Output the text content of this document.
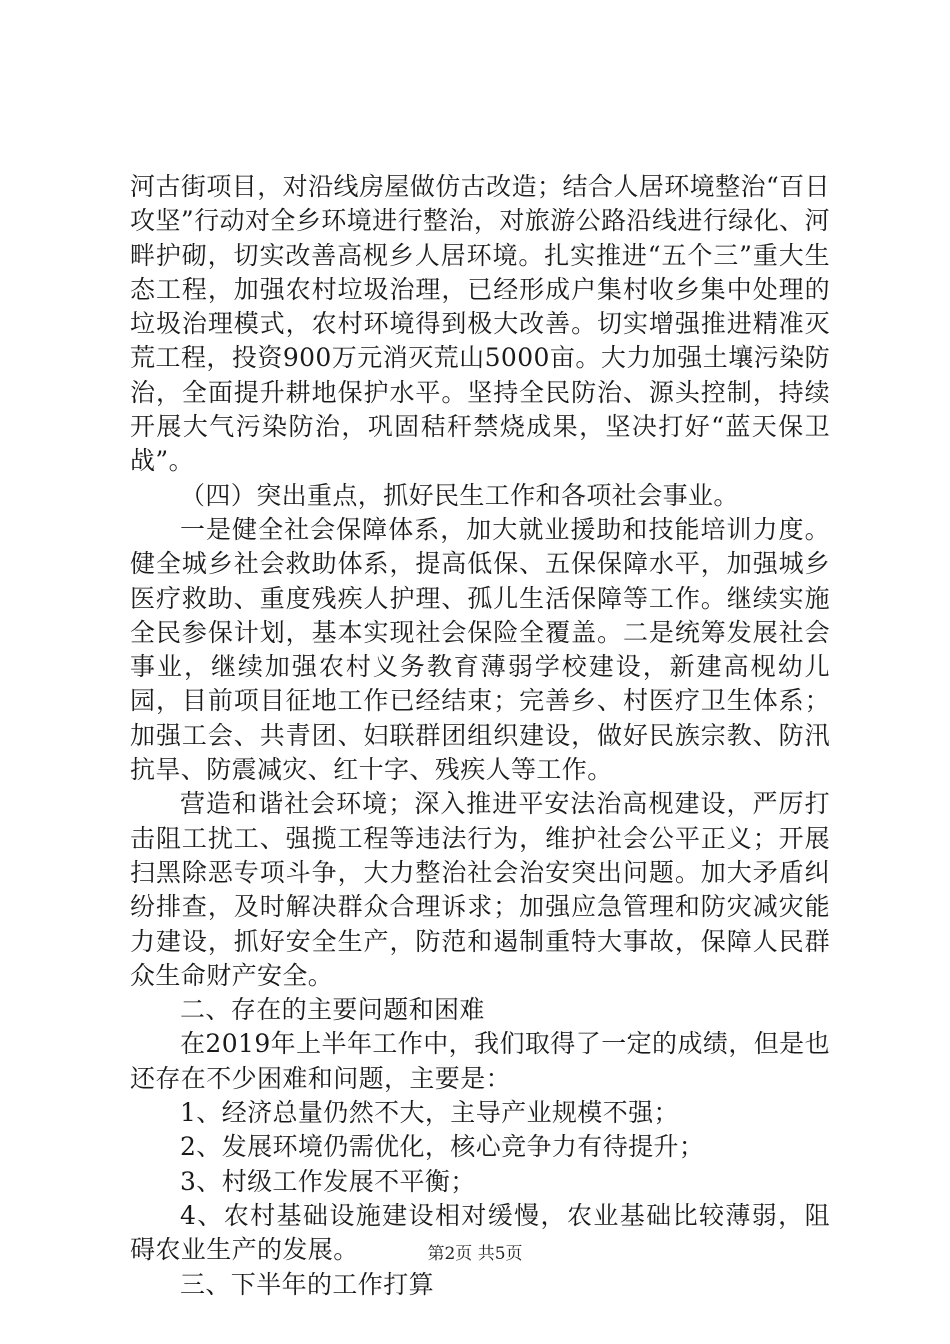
河古街项目，对沿线房屋做仿古改造；结合人居环境整治“百日攻坚”行动对全乡环境进行整治，对旅游公路沿线进行绿化、河畔护砌，切实改善高枧乡人居环境。扎实推进“五个三”重大生态工程，加强农村垃圾治理，已经形成户集村收乡集中处理的垃圾治理模式，农村环境得到极大改善。切实增强推进精准灭荒工程，投资900万元消灭荒山5000亩。大力加强土壤污染防治，全面提升耕地保护水平。坚持全民防治、源头控制，持续开展大气污染防治，巩固秸秆禁烧成果，坚决打好“蓝天保卫战”。

（四）突出重点，抓好民生工作和各项社会事业。

一是健全社会保障体系，加大就业援助和技能培训力度。健全城乡社会救助体系，提高低保、五保保障水平，加强城乡医疗救助、重度残疾人护理、孤儿生活保障等工作。继续实施全民参保计划，基本实现社会保险全覆盖。二是统筹发展社会事业，继续加强农村义务教育薄弱学校建设，新建高枧幼儿园，目前项目征地工作已经结束；完善乡、村医疗卫生体系；加强工会、共青团、妇联群团组织建设，做好民族宗教、防汛抗旱、防震减灾、红十字、残疾人等工作。

营造和谐社会环境；深入推进平安法治高枧建设，严厉打击阻工扰工、强揽工程等违法行为，维护社会公平正义；开展扫黑除恶专项斗争，大力整治社会治安突出问题。加大矛盾纠纷排查，及时解决群众合理诉求；加强应急管理和防灾减灾能力建设，抓好安全生产，防范和遏制重特大事故，保障人民群众生命财产安全。

二、存在的主要问题和困难

在2019年上半年工作中，我们取得了一定的成绩，但是也还存在不少困难和问题，主要是：

1、经济总量仍然不大，主导产业规模不强；

2、发展环境仍需优化，核心竞争力有待提升；

3、村级工作发展不平衡；

4、农村基础设施建设相对缓慢，农业基础比较薄弱，阻碍农业生产的发展。

三、下半年的工作打算

第2页 共5页
